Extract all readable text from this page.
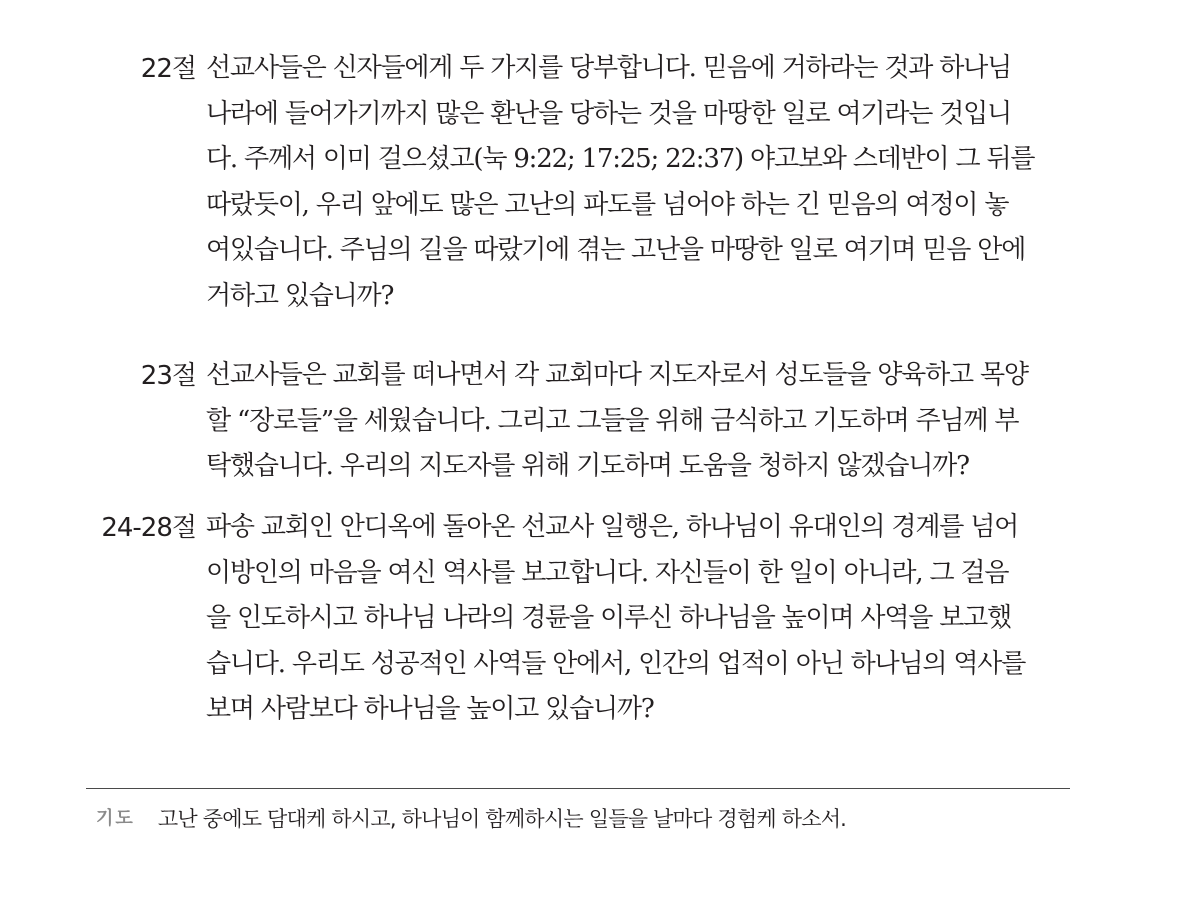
22절 선교사들은 신자들에게 두 가지를 당부합니다. 믿음에 거하라는 것과 하나님
나라에 들어가기까지 많은 환난을 당하는 것을 마땅한 일로 여기라는 것입니
다. 주께서 이미 걸으셨고(눅 9:22; 17:25; 22:37) 야고보와 스데반이 그 뒤를
따랐듯이, 우리 앞에도 많은 고난의 파도를 넘어야 하는 긴 믿음의 여정이 놓
여있습니다. 주님의 길을 따랐기에 겪는 고난을 마땅한 일로 여기며 믿음 안에
거하고 있습니까?
23절 선교사들은 교회를 떠나면서 각 교회마다 지도자로서 성도들을 양육하고 목양
할 “장로들”을 세웠습니다. 그리고 그들을 위해 금식하고 기도하며 주님께 부
탁했습니다. 우리의 지도자를 위해 기도하며 도움을 청하지 않겠습니까?
24-28절 파송 교회인 안디옥에 돌아온 선교사 일행은, 하나님이 유대인의 경계를 넘어
이방인의 마음을 여신 역사를 보고합니다. 자신들이 한 일이 아니라, 그 걸음
을 인도하시고 하나님 나라의 경륜을 이루신 하나님을 높이며 사역을 보고했
습니다. 우리도 성공적인 사역들 안에서, 인간의 업적이 아닌 하나님의 역사를
보며 사람보다 하나님을 높이고 있습니까?
기도 고난 중에도 담대케 하시고, 하나님이 함께하시는 일들을 날마다 경험케 하소서.
